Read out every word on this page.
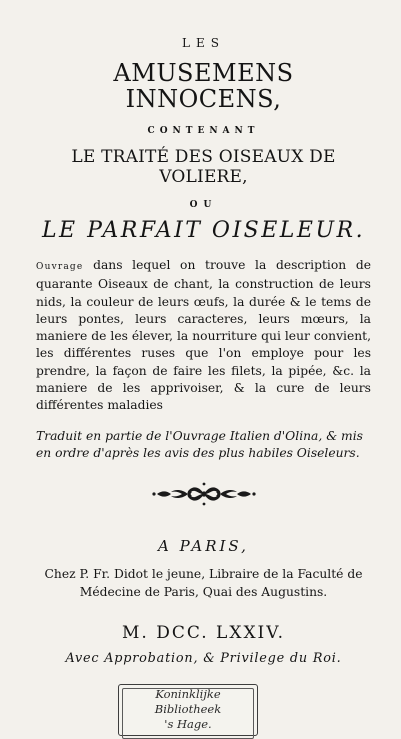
LES
AMUSEMENS INNOCENS,
CONTENANT
LE TRAITÉ DES OISEAUX DE VOLIERE,
OU
LE PARFAIT OISELEUR.
Ouvrage dans lequel on trouve la description de quarante Oiseaux de chant, la construction de leurs nids, la couleur de leurs œufs, la durée & le tems de leurs pontes, leurs caracteres, leurs mœurs, la maniere de les élever, la nourriture qui leur convient, les différentes ruses que l'on employe pour les prendre, la façon de faire les filets, la pipée, &c. la maniere de les apprivoiser, & la cure de leurs différentes maladies
Traduit en partie de l'Ouvrage Italien d'Olina, & mis en ordre d'après les avis des plus habiles Oiseleurs.
A PARIS,
Chez P. Fr. Didot le jeune, Libraire de la Faculté de Médecine de Paris, Quai des Augustins.
M. DCC. LXXIV.
Avec Approbation, & Privilege du Roi.
Koninklijke
Bibliotheek
's Hage.
